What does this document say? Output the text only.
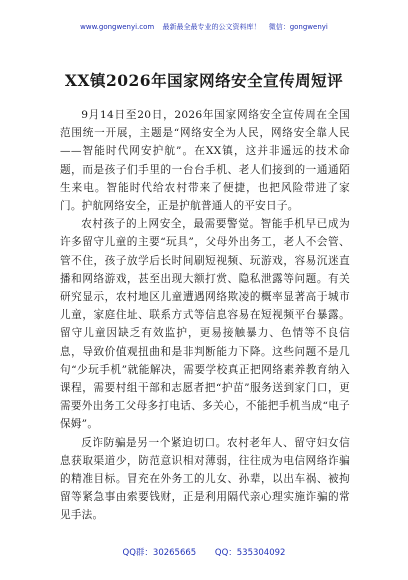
www.gongwenyi.com 最新最全最专业的公文资料库！ 微信：gongwenyi
XX镇2026年国家网络安全宣传周短评

9月14日至20日，2026年国家网络安全宣传周在全国范围统一开展，主题是“网络安全为人民，网络安全靠人民——智能时代网安护航”。在XX镇，这并非遥远的技术命题，而是孩子们手里的一台台手机、老人们接到的一通通陌生来电。智能时代给农村带来了便捷，也把风险带进了家门。护航网络安全，正是护航普通人的平安日子。

农村孩子的上网安全，最需要警觉。智能手机早已成为许多留守儿童的主要“玩具”，父母外出务工，老人不会管、管不住，孩子放学后长时间刷短视频、玩游戏，容易沉迷直播和网络游戏，甚至出现大额打赏、隐私泄露等问题。有关研究显示，农村地区儿童遭遇网络欺凌的概率显著高于城市儿童，家庭住址、联系方式等信息容易在短视频平台暴露。留守儿童因缺乏有效监护，更易接触暴力、色情等不良信息，导致价值观扭曲和是非判断能力下降。这些问题不是几句“少玩手机”就能解决，需要学校真正把网络素养教育纳入课程，需要村组干部和志愿者把“护苗”服务送到家门口，更需要外出务工父母多打电话、多关心，不能把手机当成“电子保姆”。

反诈防骗是另一个紧迫切口。农村老年人、留守妇女信息获取渠道少，防范意识相对薄弱，往往成为电信网络诈骗的精准目标。冒充在外务工的儿女、孙辈，以出车祸、被拘留等紧急事由索要钱财，正是利用隔代亲心理实施诈骗的常见手法。

QQ群：30265665 QQ：535304092
